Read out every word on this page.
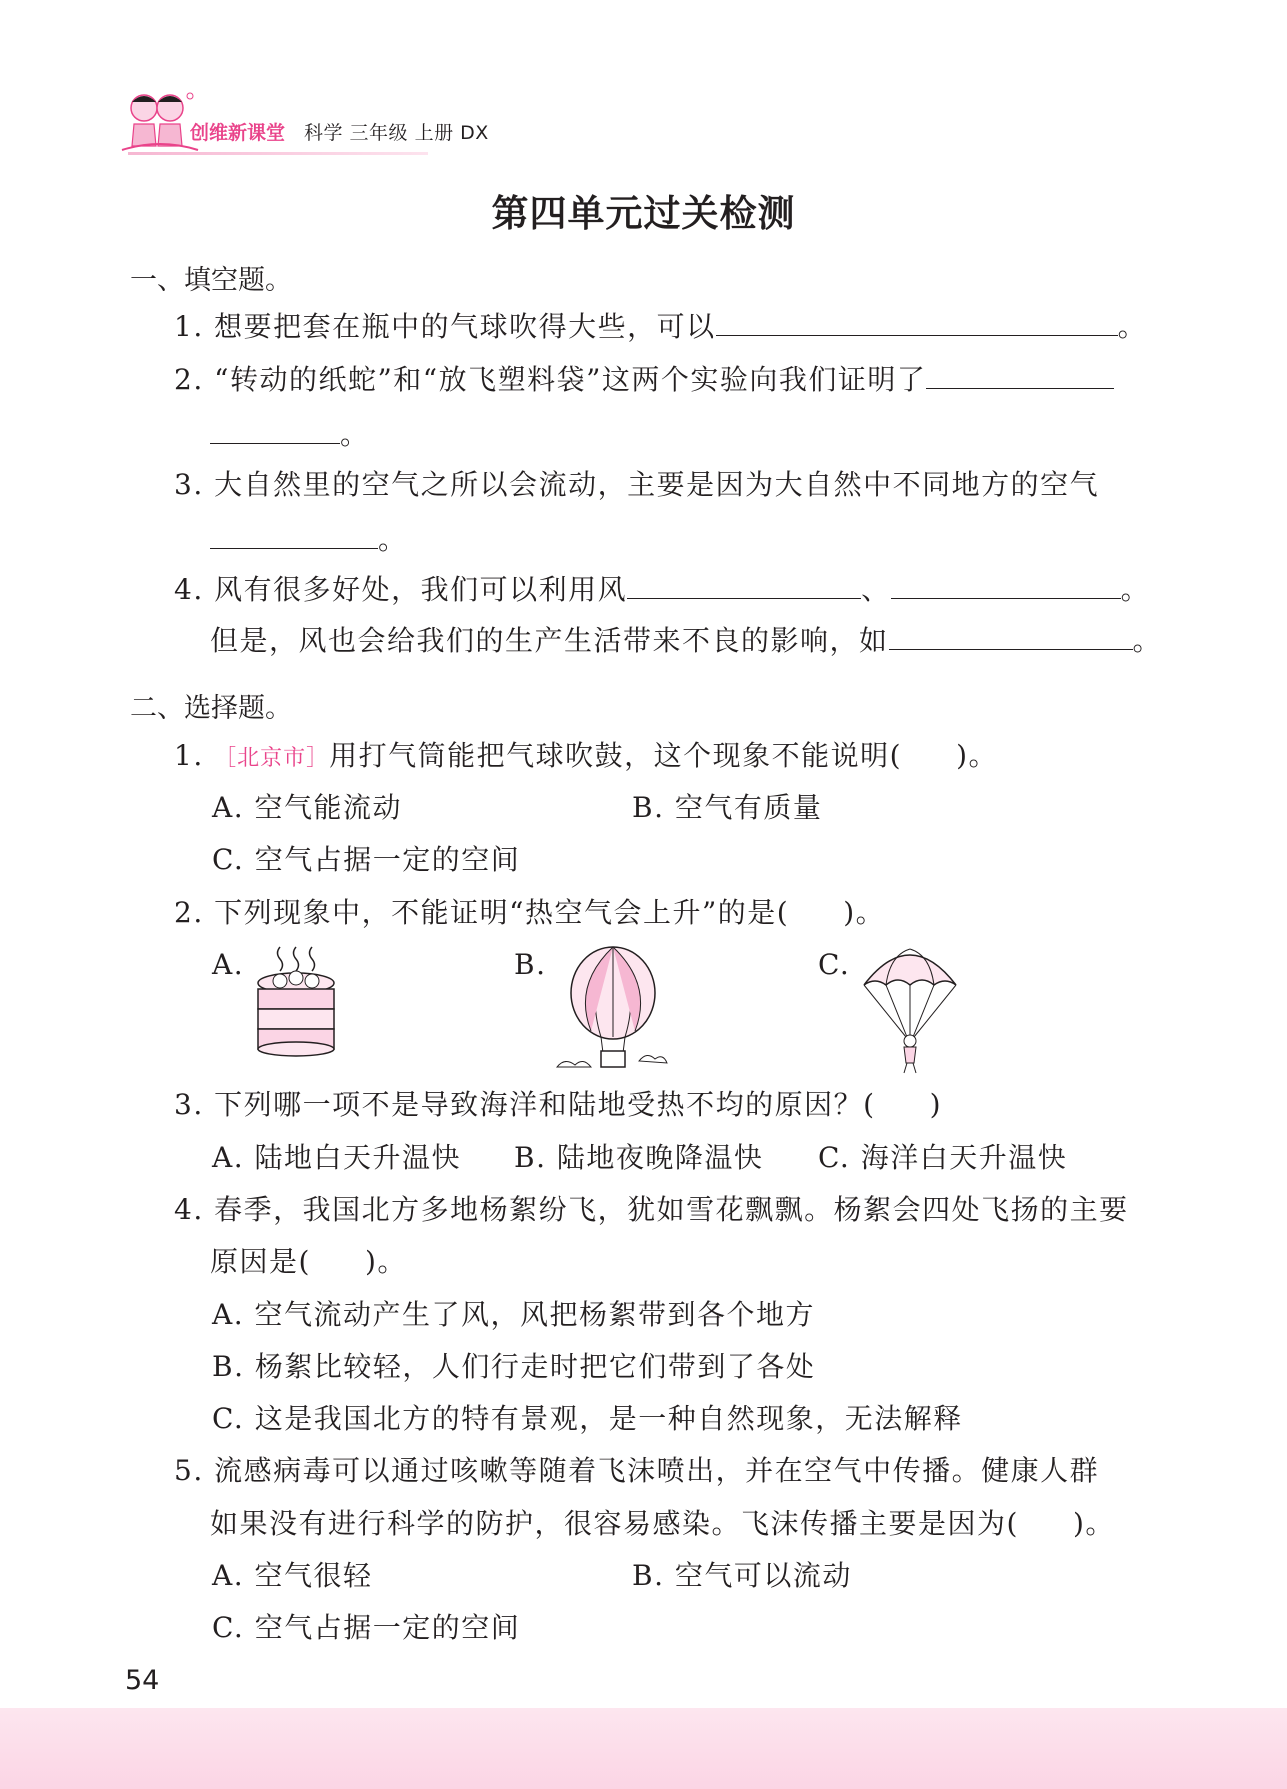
创维新课堂 科学 三年级 上册 DX
第四单元过关检测
一、填空题。
1. 想要把套在瓶中的气球吹得大些，可以	。
2. “转动的纸蛇”和“放飞塑料袋”这两个实验向我们证明了
。
3. 大自然里的空气之所以会流动，主要是因为大自然中不同地方的空气
。
4. 风有很多好处，我们可以利用风	、	。
但是，风也会给我们的生产生活带来不良的影响，如	。
二、选择题。
1. ［北京市］用打气筒能把气球吹鼓，这个现象不能说明( )。
A. 空气能流动	B. 空气有质量
C. 空气占据一定的空间
2. 下列现象中，不能证明“热空气会上升”的是( )。
A.	B.	C.
3. 下列哪一项不是导致海洋和陆地受热不均的原因？( )
A. 陆地白天升温快 B. 陆地夜晚降温快 C. 海洋白天升温快
4. 春季，我国北方多地杨絮纷飞，犹如雪花飘飘。杨絮会四处飞扬的主要
原因是( )。
A. 空气流动产生了风，风把杨絮带到各个地方
B. 杨絮比较轻，人们行走时把它们带到了各处
C. 这是我国北方的特有景观，是一种自然现象，无法解释
5. 流感病毒可以通过咳嗽等随着飞沫喷出，并在空气中传播。健康人群
如果没有进行科学的防护，很容易感染。飞沫传播主要是因为( )。
A. 空气很轻	B. 空气可以流动
C. 空气占据一定的空间
54
